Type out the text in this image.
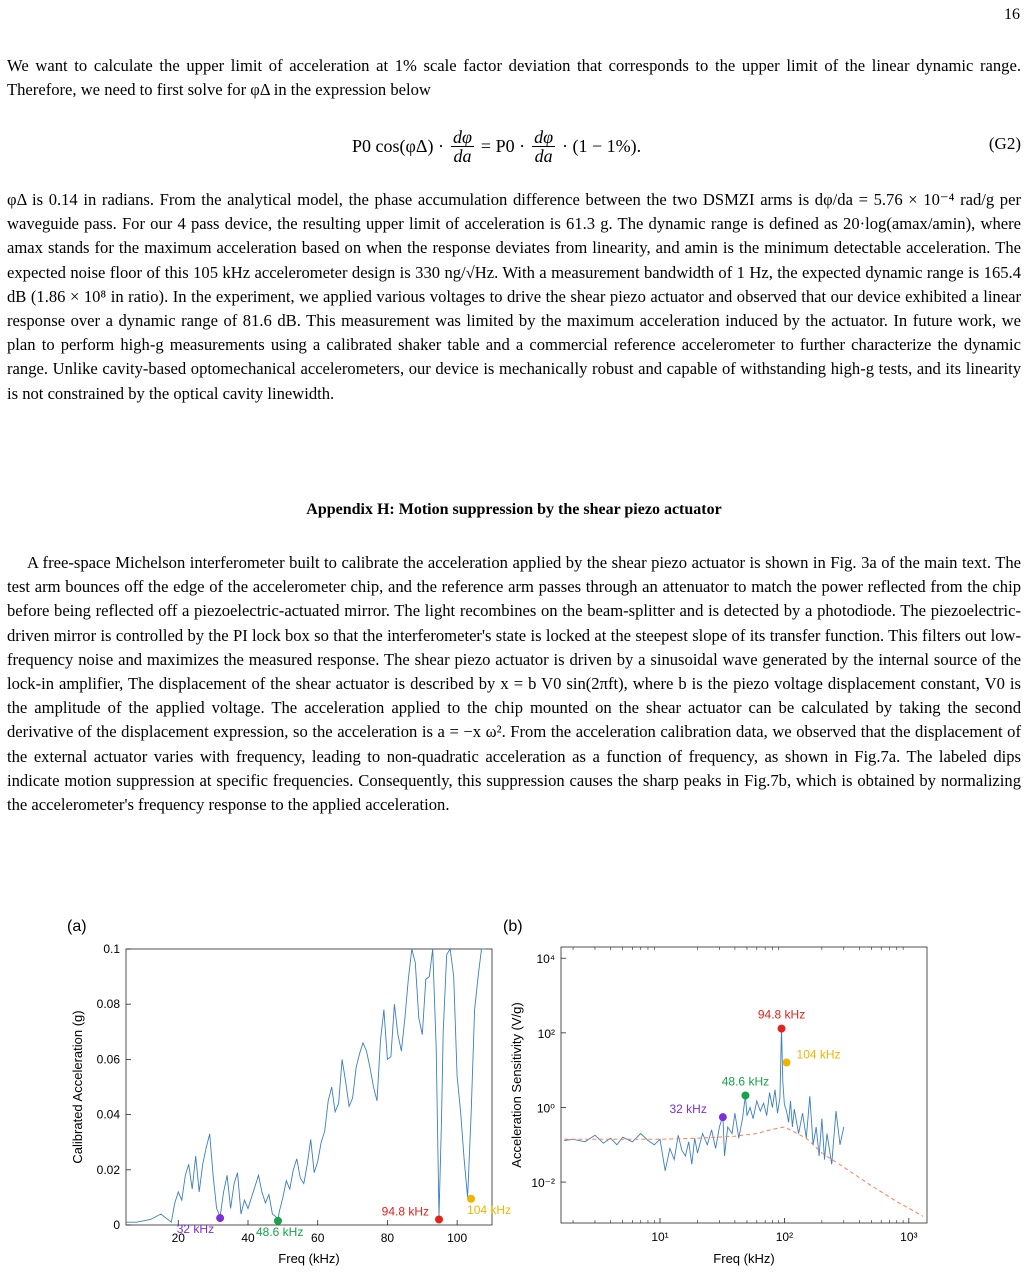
16

We want to calculate the upper limit of acceleration at 1% scale factor deviation that corresponds to the upper limit of the linear dynamic range. Therefore, we need to first solve for φΔ in the expression below

P0 $\cos(\varphi\Delta) \cdot \frac{d\varphi}{da} = P0 \cdot \frac{d\varphi}{da} \cdot (1 - 1\%)$.	(G2)

φΔ is 0.14 in radians. From the analytical model, the phase accumulation difference between the two DSMZI arms is dφ/da = 5.76 × 10⁻⁴ rad/g per waveguide pass. For our 4 pass device, the resulting upper limit of acceleration is 61.3 g. The dynamic range is defined as 20·log(amax/amin), where amax stands for the maximum acceleration based on when the response deviates from linearity, and amin is the minimum detectable acceleration. The expected noise floor of this 105 kHz accelerometer design is 330 ng/√Hz. With a measurement bandwidth of 1 Hz, the expected dynamic range is 165.4 dB (1.86 × 10⁸ in ratio). In the experiment, we applied various voltages to drive the shear piezo actuator and observed that our device exhibited a linear response over a dynamic range of 81.6 dB. This measurement was limited by the maximum acceleration induced by the actuator. In future work, we plan to perform high-g measurements using a calibrated shaker table and a commercial reference accelerometer to further characterize the dynamic range. Unlike cavity-based optomechanical accelerometers, our device is mechanically robust and capable of withstanding high-g tests, and its linearity is not constrained by the optical cavity linewidth.

Appendix H: Motion suppression by the shear piezo actuator

A free-space Michelson interferometer built to calibrate the acceleration applied by the shear piezo actuator is shown in Fig. 3a of the main text. The test arm bounces off the edge of the accelerometer chip, and the reference arm passes through an attenuator to match the power reflected from the chip before being reflected off a piezoelectric-actuated mirror. The light recombines on the beam-splitter and is detected by a photodiode. The piezoelectric-driven mirror is controlled by the PI lock box so that the interferometer's state is locked at the steepest slope of its transfer function. This filters out low-frequency noise and maximizes the measured response. The shear piezo actuator is driven by a sinusoidal wave generated by the internal source of the lock-in amplifier, The displacement of the shear actuator is described by x = b V0 sin(2πft), where b is the piezo voltage displacement constant, V0 is the amplitude of the applied voltage. The acceleration applied to the chip mounted on the shear actuator can be calculated by taking the second derivative of the displacement expression, so the acceleration is a = −x ω². From the acceleration calibration data, we observed that the displacement of the external actuator varies with frequency, leading to non-quadratic acceleration as a function of frequency, as shown in Fig.7a. The labeled dips indicate motion suppression at specific frequencies. Consequently, this suppression causes the sharp peaks in Fig.7b, which is obtained by normalizing the accelerometer's frequency response to the applied acceleration.

(a)
0
0.02
0.04
0.06
0.08
0.1
20	40	60	80	100
Freq (kHz)
Calibrated Acceleration (g)
32 kHz	48.6 kHz
94.8 kHz	104 kHz
(b)
10¹	10²	10³
10⁻²
10⁰
10²
10⁴
Freq (kHz)
Acceleration Sensitivity (V/g)	32 kHz
48.6 kHz
94.8 kHz
104 kHz
